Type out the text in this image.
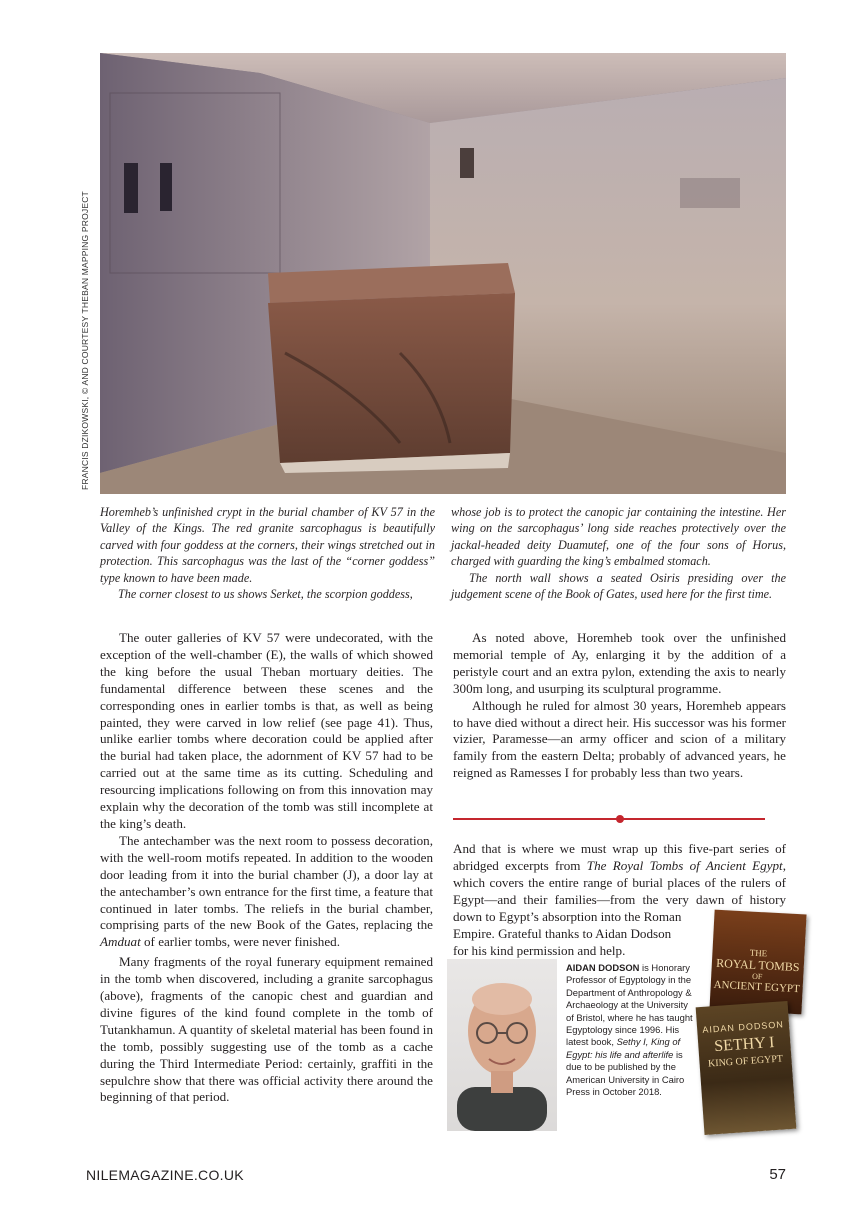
FRANCIS DZIKOWSKI, © AND COURTESY THEBAN MAPPING PROJECT

Horemheb’s unfinished crypt in the burial chamber of KV 57 in the Valley of the Kings. The red granite sarcophagus is beautifully carved with four goddess at the corners, their wings stretched out in protection. This sarcophagus was the last of the “corner goddess” type known to have been made.

The corner closest to us shows Serket, the scorpion goddess,

whose job is to protect the canopic jar containing the intestine. Her wing on the sarcophagus’ long side reaches protectively over the jackal-headed deity Duamutef, one of the four sons of Horus, charged with guarding the king’s embalmed stomach.

The north wall shows a seated Osiris presiding over the judgement scene of the Book of Gates, used here for the first time.

The outer galleries of KV 57 were undecorated, with the exception of the well-chamber (E), the walls of which showed the king before the usual Theban mortuary deities. The fundamental difference between these scenes and the corresponding ones in earlier tombs is that, as well as being painted, they were carved in low relief (see page 41). Thus, unlike earlier tombs where decoration could be applied after the burial had taken place, the adornment of KV 57 had to be carried out at the same time as its cutting. Scheduling and resourcing implications following on from this innovation may explain why the decoration of the tomb was still incomplete at the king’s death.

The antechamber was the next room to possess decoration, with the well-room motifs repeated. In addition to the wooden door leading from it into the burial chamber (J), a door lay at the antechamber’s own entrance for the first time, a feature that continued in later tombs. The reliefs in the burial chamber, comprising parts of the new Book of the Gates, replacing the Amduat of earlier tombs, were never finished.

Many fragments of the royal funerary equipment remained in the tomb when discovered, including a granite sarcophagus (above), fragments of the canopic chest and guardian and divine figures of the kind found complete in the tomb of Tutankhamun. A quantity of skeletal material has been found in the tomb, possibly suggesting use of the tomb as a cache during the Third Intermediate Period: certainly, graffiti in the sepulchre show that there was official activity there around the beginning of that period.

As noted above, Horemheb took over the unfinished memorial temple of Ay, enlarging it by the addition of a peristyle court and an extra pylon, extending the axis to nearly 300m long, and usurping its sculptural programme.

Although he ruled for almost 30 years, Horemheb appears to have died without a direct heir. His successor was his former vizier, Paramesse—an army officer and scion of a military family from the eastern Delta; probably of advanced years, he reigned as Ramesses I for probably less than two years.

And that is where we must wrap up this five-part series of abridged excerpts from The Royal Tombs of Ancient Egypt, which covers the entire range of burial places of the rulers of Egypt—and their families—from the very dawn of history down to Egypt’s absorption into the Roman

Empire. Grateful thanks to Aidan Dodson

for his kind permission and help.	THE
ROYAL TOMBS
OF
ANCIENT EGYPT
AIDAN DODSON
SETHY I
KING OF EGYPT
AIDAN DODSON is Honorary Professor of Egyptology in the Department of Anthropology & Archaeology at the University of Bristol, where he has taught Egyptology since 1996. His latest book, Sethy I, King of Egypt: his life and afterlife is due to be published by the American University in Cairo Press in October 2018.
NILEMAGAZINE.CO.UK	57
